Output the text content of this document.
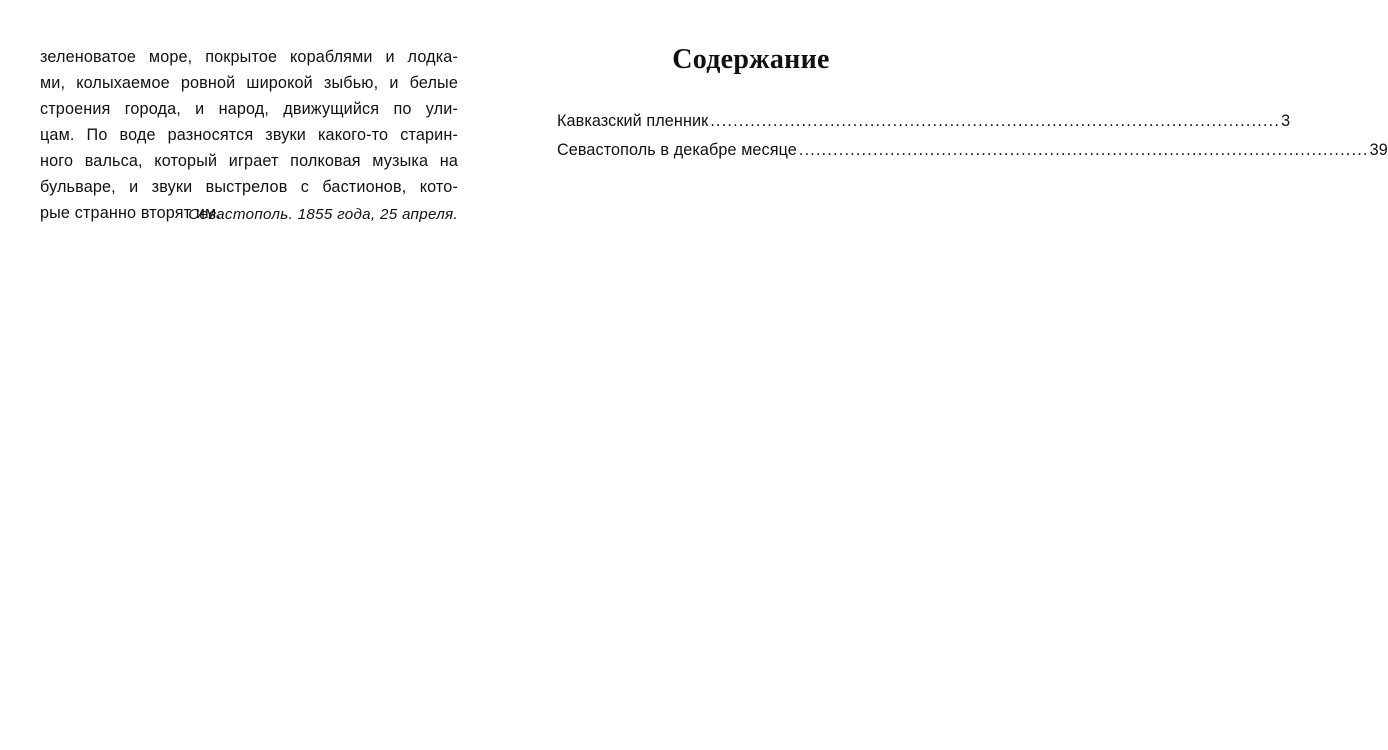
зеленоватое море, покрытое кораблями и лодка-
ми, колыхаемое ровной широкой зыбью, и белые
строения города, и народ, движущийся по ули-
цам. По воде разносятся звуки какого-то старин-
ного вальса, который играет полковая музыка на
бульваре, и звуки выстрелов с бастионов, кото-
рые странно вторят им.
Севастополь. 1855 года, 25 апреля.
Содержание
Кавказский пленник .................................................................................................... 3
Севастополь в декабре месяце .................................................................................................... 39
